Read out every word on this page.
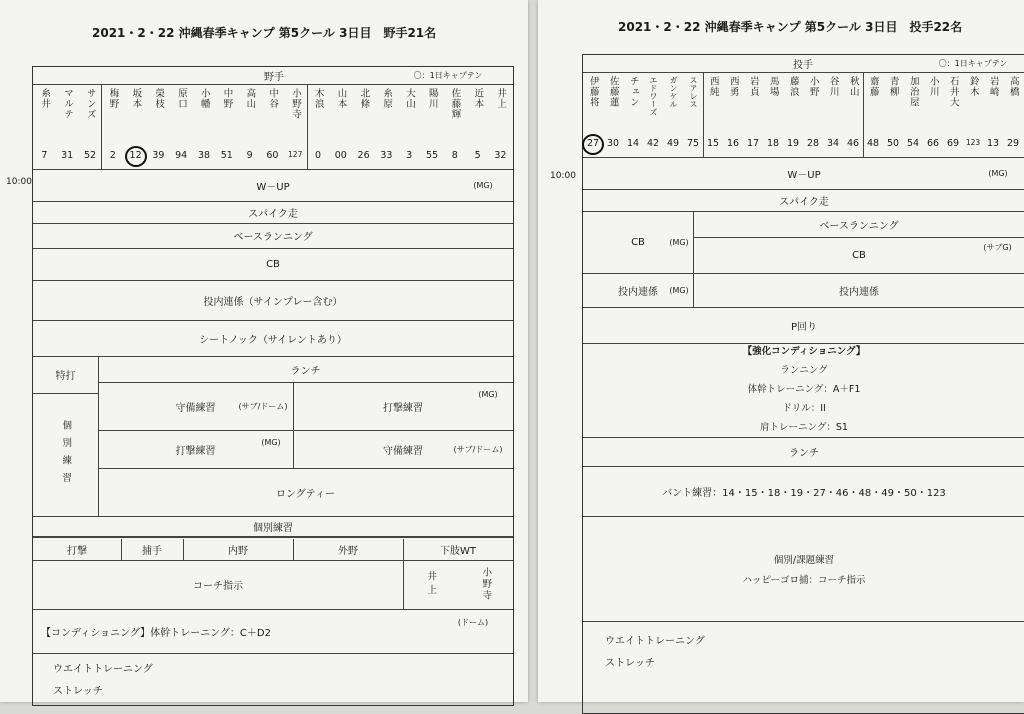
2021・2・22 沖縄春季キャンプ 第5クール 3日目　野手21名
10:00
野手	〇：1日キャプテン
糸井
7
マルテ
31
サンズ
52
梅野
2
坂本
12
榮枝
39
原口
94
小幡
38
中野
51
高山
9
中谷
60
小野寺
127
木浪
0
山本
00
北條
26
糸原
33
大山
3
陽川
55
佐藤輝
8
近本
5
井上
32
W－UP	(MG)
スパイク走
ベースランニング
CB
投内連係（サインプレー含む）
シートノック（サイレントあり）
特打	ランチ
個別練習
守備練習	(サブ/ドーム)	打撃練習
(MG)
打撃練習
(MG)
守備練習	(サブ/ドーム)
ロングティー
個別練習
打撃	捕手	内野	外野	下肢WT
コーチ指示	井上	小野寺
【コンディショニング】体幹トレーニング：C＋D2
(ドーム)
ウエイトトレーニング
ストレッチ
2021・2・22 沖縄春季キャンプ 第5クール 3日目　投手22名
10:00
投手	〇：1日キャプテン
伊藤将
27
佐藤蓮
30
チェン
14
エドワーズ
42
ガンケル
49
スアレス
75
西純
15
西勇
16
岩貞
17
馬場
18
藤浪
19
小野
28
谷川
34
秋山
46
齋藤
48
青柳
50
加治屋
54
小川
66
石井大
69
鈴木
123
岩崎
13
高橋
29
W－UP	(MG)
スパイク走
CB	(MG)
ベースランニング
CB
(サブG)
投内連係	(MG)	投内連係
P回り
【強化コンディショニング】
ランニング
体幹トレーニング：A＋F1
ドリル：II
肩トレーニング：S1
ランチ
バント練習：14・15・18・19・27・46・48・49・50・123
個別/課題練習
ハッピーゴロ捕：コーチ指示
ウエイトトレーニング
ストレッチ
